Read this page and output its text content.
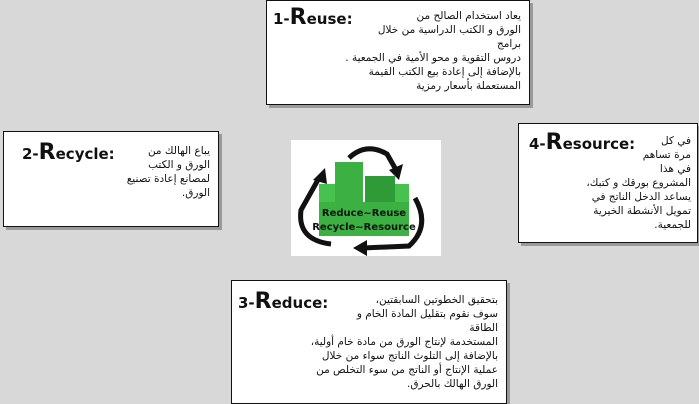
1-Reuse:	يعاد استخدام الصالح من
الورق و الكتب الدراسية من خلال برامج
دروس التقوية و محو الأمية في الجمعية .
بالإضافة إلى إعادة بيع الكتب القيمة
المستعملة بأسعار رمزية
2-Recycle:	يباع الهالك من
الورق و الكتب لمصانع إعادة تصنيع
الورق.
4-Resource:	في كل
مرة تساهم في هذا
المشروع بورقك و كتبك،
يساعد الدخل الناتج في
تمويل الأنشطة الخيرية
للجمعية.
3-Reduce:	بتحقيق الخطوتين السابقتين،
سوف نقوم بتقليل المادة الخام و الطاقة
المستخدمة لإنتاج الورق من مادة خام أولية،
بالإضافة إلى التلوث الناتج سواء من خلال
عملية الإنتاج أو الناتج من سوء التخلص من
الورق الهالك بالحرق.
Reduce~Reuse
Recycle~Resource
